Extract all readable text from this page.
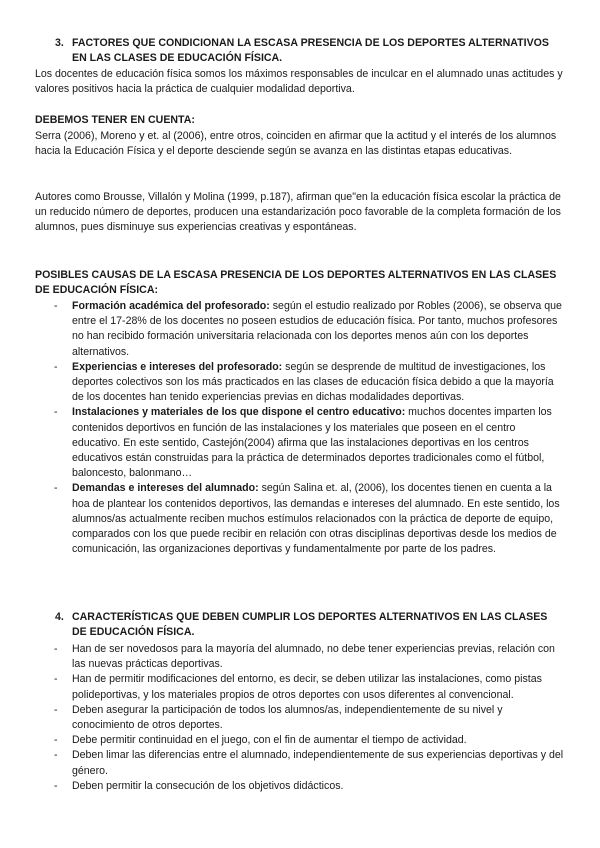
3. FACTORES QUE CONDICIONAN LA ESCASA PRESENCIA DE LOS DEPORTES ALTERNATIVOS EN LAS CLASES DE EDUCACIÓN FÍSICA.

Los docentes de educación física somos los máximos responsables de inculcar en el alumnado unas actitudes y valores positivos hacia la práctica de cualquier modalidad deportiva.

DEBEMOS TENER EN CUENTA:

Serra (2006), Moreno y et. al (2006), entre otros, coinciden en afirmar que la actitud y el interés de los alumnos hacia la Educación Física y el deporte desciende según se avanza en las distintas etapas educativas.

Autores como Brousse, Villalón y Molina (1999, p.187), afirman que"en la educación física escolar la práctica de un reducido número de deportes, producen una estandarización poco favorable de la completa formación de los alumnos, pues disminuye sus experiencias creativas y espontáneas.

POSIBLES CAUSAS DE LA ESCASA PRESENCIA DE LOS DEPORTES ALTERNATIVOS EN LAS CLASES DE EDUCACIÓN FÍSICA:

- Formación académica del profesorado: según el estudio realizado por Robles (2006), se observa que entre el 17-28% de los docentes no poseen estudios de educación física. Por tanto, muchos profesores no han recibido formación universitaria relacionada con los deportes menos aún con los deportes alternativos.
- Experiencias e intereses del profesorado: según se desprende de multitud de investigaciones, los deportes colectivos son los más practicados en las clases de educación física debido a que la mayoría de los docentes han tenido experiencias previas en dichas modalidades deportivas.
- Instalaciones y materiales de los que dispone el centro educativo: muchos docentes imparten los contenidos deportivos en función de las instalaciones y los materiales que poseen en el centro educativo. En este sentido, Castejón(2004) afirma que las instalaciones deportivas en los centros educativos están construidas para la práctica de determinados deportes tradicionales como el fútbol, baloncesto, balonmano…
- Demandas e intereses del alumnado: según Salina et. al, (2006), los docentes tienen en cuenta a la hoa de plantear los contenidos deportivos, las demandas e intereses del alumnado. En este sentido, los alumnos/as actualmente reciben muchos estímulos relacionados con la práctica de deporte de equipo, comparados con los que puede recibir en relación con otras disciplinas deportivas desde los medios de comunicación, las organizaciones deportivas y fundamentalmente por parte de los padres.
4. CARACTERÍSTICAS QUE DEBEN CUMPLIR LOS DEPORTES ALTERNATIVOS EN LAS CLASES DE EDUCACIÓN FÍSICA.
- Han de ser novedosos para la mayoría del alumnado, no debe tener experiencias previas, relación con las nuevas prácticas deportivas.
- Han de permitir modificaciones del entorno, es decir, se deben utilizar las instalaciones, como pistas polideportivas, y los materiales propios de otros deportes con usos diferentes al convencional.
- Deben asegurar la participación de todos los alumnos/as, independientemente de su nivel y conocimiento de otros deportes.
- Debe permitir continuidad en el juego, con el fin de aumentar el tiempo de actividad.
- Deben limar las diferencias entre el alumnado, independientemente de sus experiencias deportivas y del género.
- Deben permitir la consecución de los objetivos didácticos.
